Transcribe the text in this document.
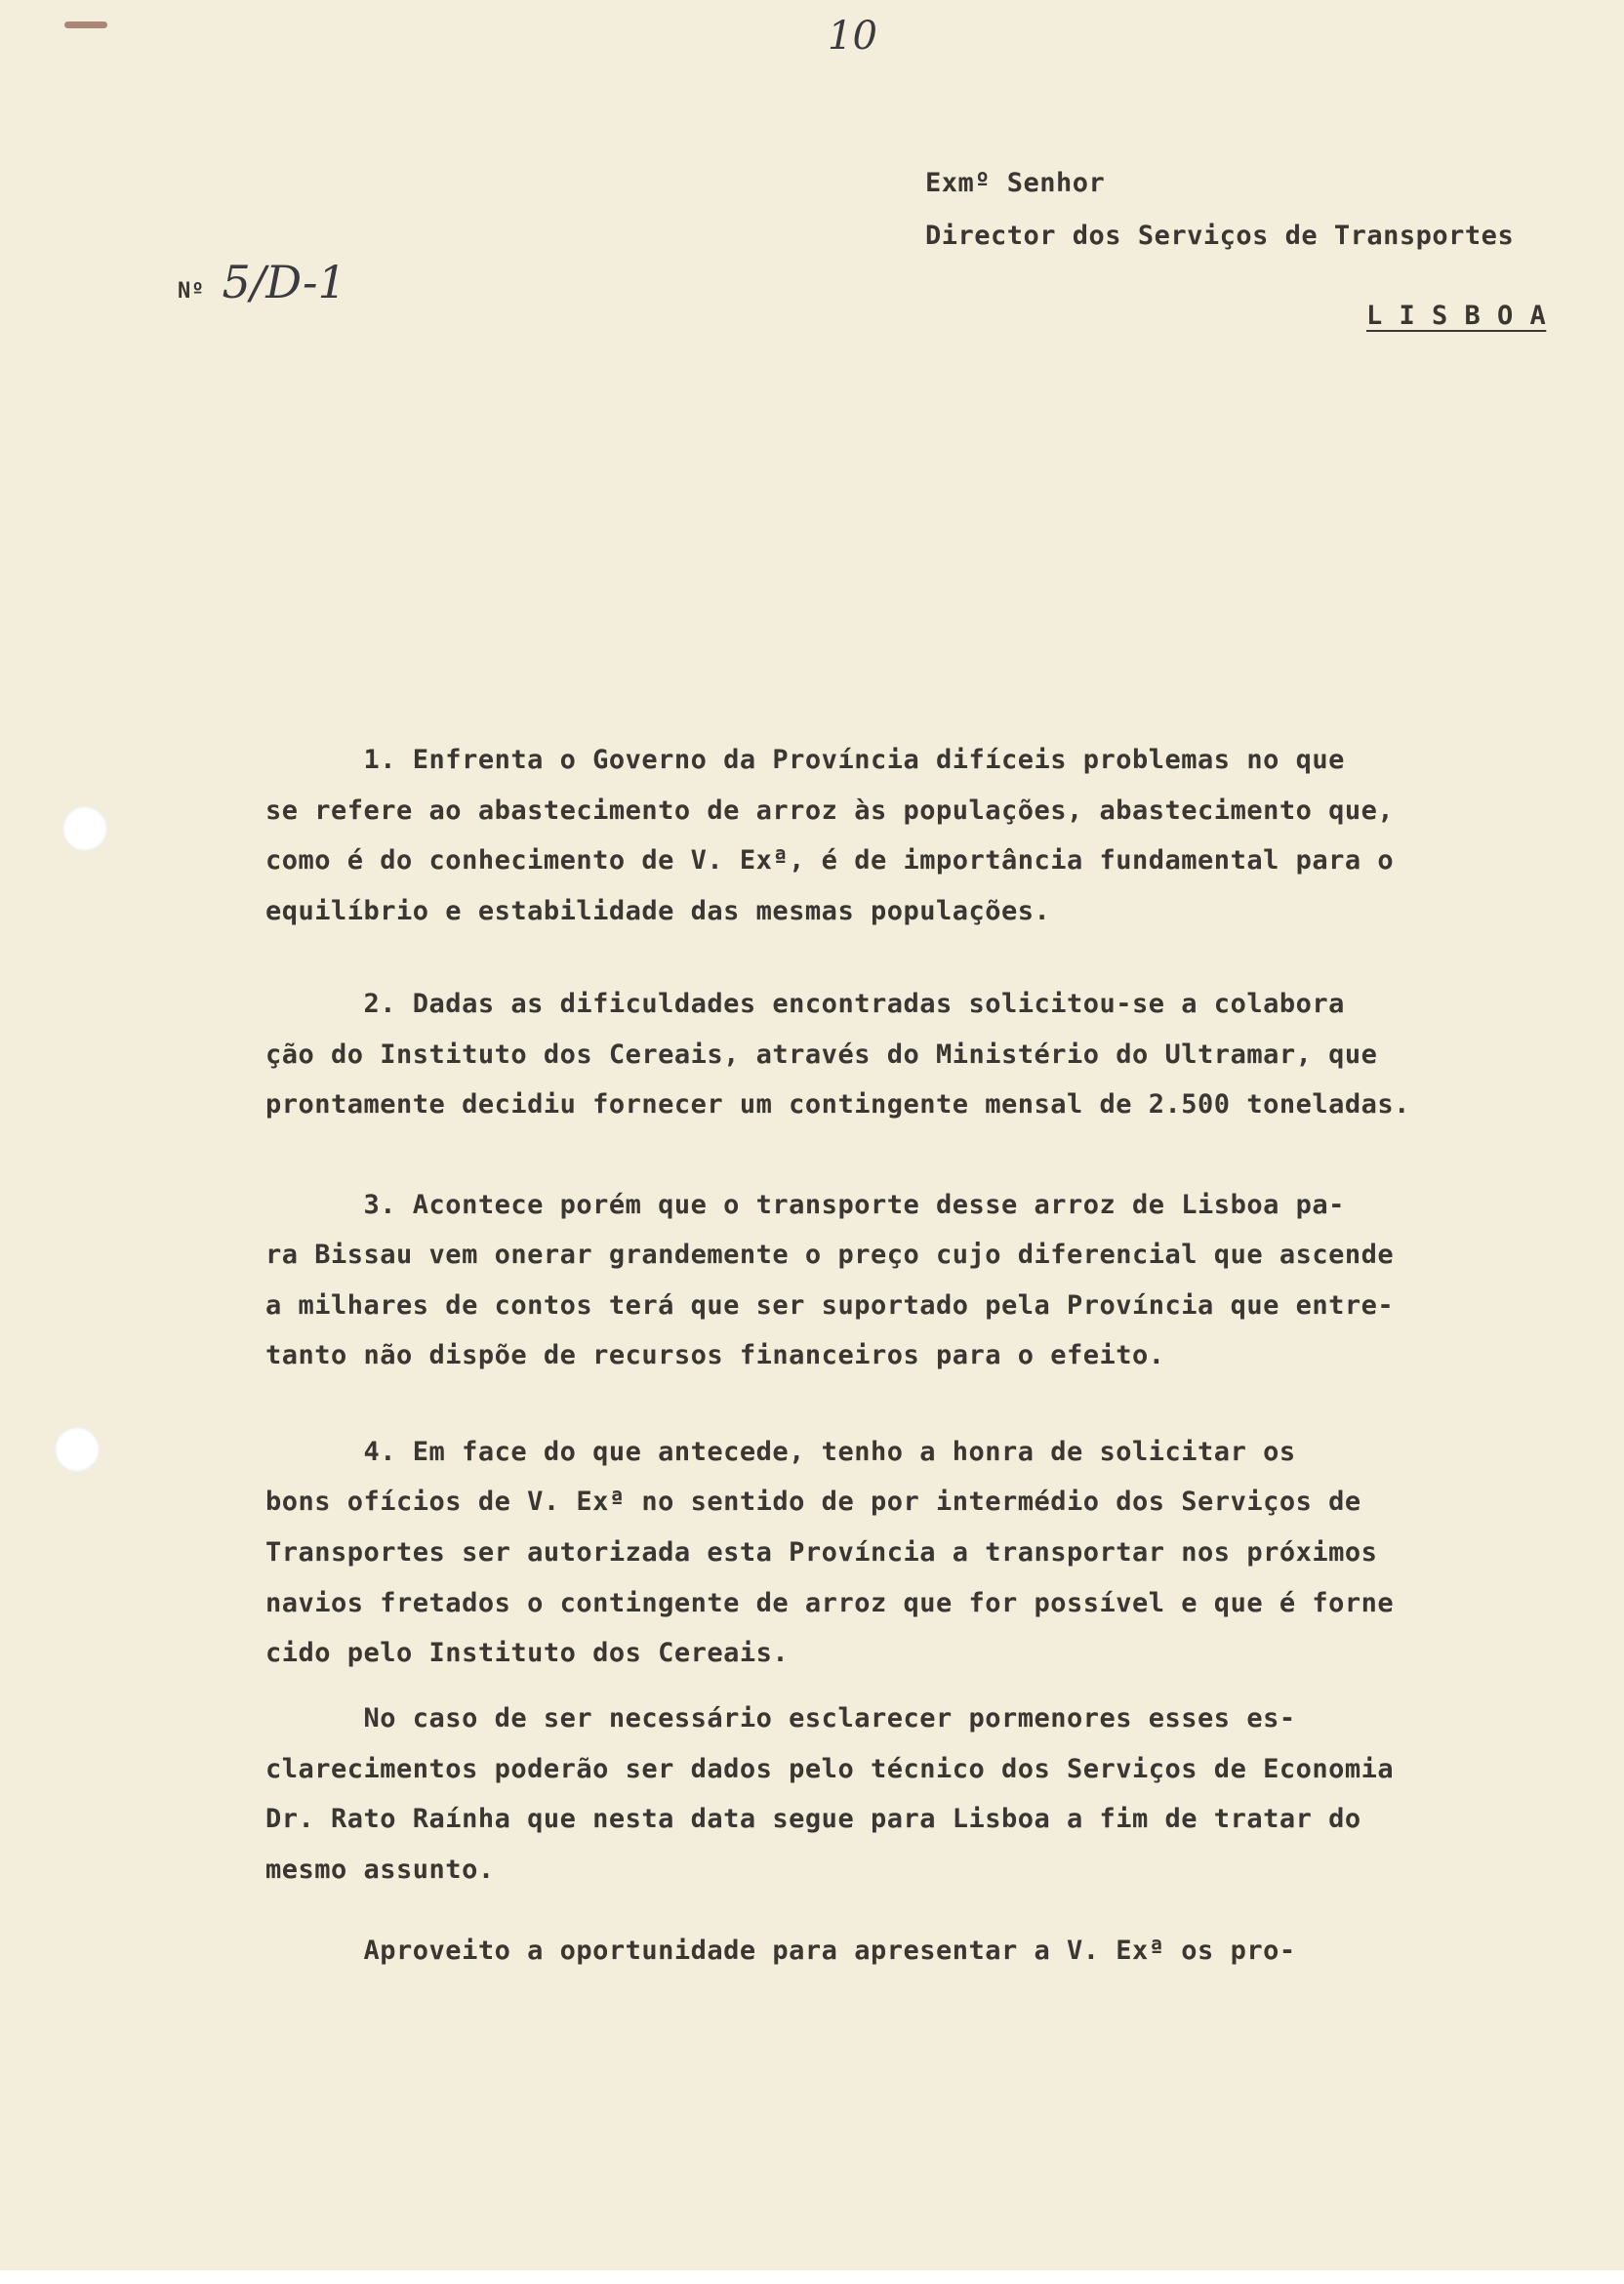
10
Nº 5/D-1
Exmº Senhor
Director dos Serviços de Transportes
L I S B O A
1. Enfrenta o Governo da Província difíceis problemas no que
se refere ao abastecimento de arroz às populações, abastecimento que,
como é do conhecimento de V. Exª, é de importância fundamental para o
equilíbrio e estabilidade das mesmas populações.
2. Dadas as dificuldades encontradas solicitou-se a colabora
ção do Instituto dos Cereais, através do Ministério do Ultramar, que
prontamente decidiu fornecer um contingente mensal de 2.500 toneladas.
3. Acontece porém que o transporte desse arroz de Lisboa pa-
ra Bissau vem onerar grandemente o preço cujo diferencial que ascende
a milhares de contos terá que ser suportado pela Província que entre-
tanto não dispõe de recursos financeiros para o efeito.
4. Em face do que antecede, tenho a honra de solicitar os
bons ofícios de V. Exª no sentido de por intermédio dos Serviços de
Transportes ser autorizada esta Província a transportar nos próximos
navios fretados o contingente de arroz que for possível e que é forne
cido pelo Instituto dos Cereais.
No caso de ser necessário esclarecer pormenores esses es-
clarecimentos poderão ser dados pelo técnico dos Serviços de Economia
Dr. Rato Raínha que nesta data segue para Lisboa a fim de tratar do
mesmo assunto.
Aproveito a oportunidade para apresentar a V. Exª os pro-
